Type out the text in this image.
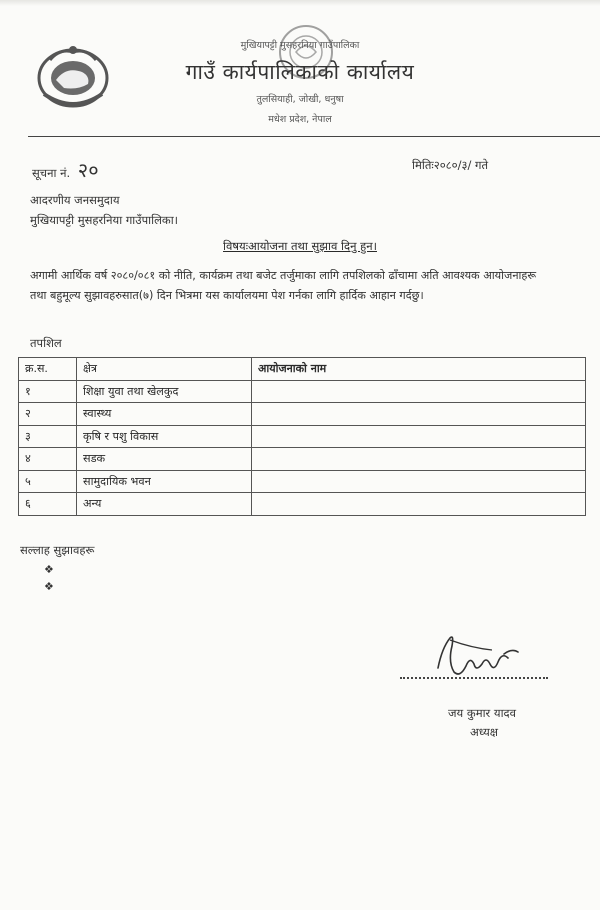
मुखियापट्टी मुसहरनिया गाउँपालिका
गाउँ कार्यपालिकाको कार्यालय
तुलसियाही, जोखी, धनुषा
मधेश प्रदेश, नेपाल
सूचना नं. २०	मितिः२०८०/३/ गते
आदरणीय जनसमुदाय
मुखियापट्टी मुसहरनिया गाउँपालिका।
विषयःआयोजना तथा सुझाव दिनु हुन।
अगामी आर्थिक वर्ष २०८०/०८१ को नीति, कार्यक्रम तथा बजेट तर्जुमाका लागि तपशिलको ढाँचामा अति आवश्यक आयोजनाहरू तथा बहुमूल्य सुझावहरुसात(७) दिन भित्रमा यस कार्यालयमा पेश गर्नका लागि हार्दिक आहान गर्दछु।
तपशिल
क्र.स.	क्षेत्र	आयोजनाको नाम
१	शिक्षा युवा तथा खेलकुद	
२	स्वास्थ्य	
३	कृषि र पशु विकास	
४	सडक	
५	सामुदायिक भवन	
६	अन्य	
सल्लाह सुझावहरू
❖
❖
जय कुमार यादव
अध्यक्ष
